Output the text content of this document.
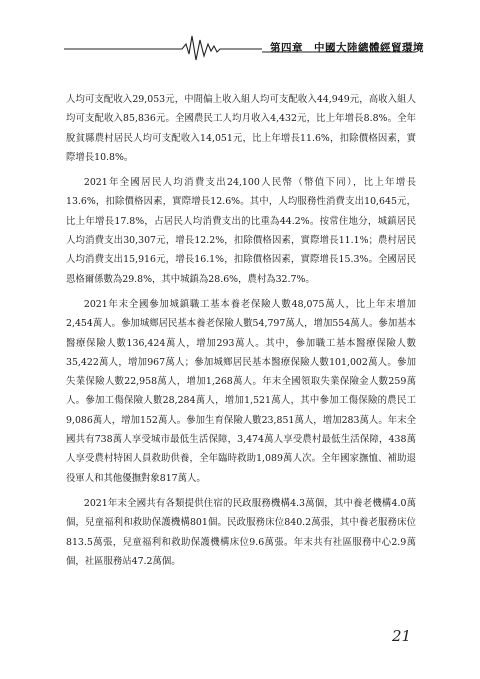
第四章　中國大陸總體經貿環境

人均可支配收入29,053元，中間偏上收入組人均可支配收入44,949元，高收入組人均可支配收入85,836元。全國農民工人均月收入4,432元，比上年增長8.8%。全年脫貧縣農村居民人均可支配收入14,051元，比上年增長11.6%，扣除價格因素，實際增長10.8%。

2021年全國居民人均消費支出24,100人民幣（幣值下同），比上年增長13.6%，扣除價格因素，實際增長12.6%。其中，人均服務性消費支出10,645元，比上年增長17.8%，占居民人均消費支出的比重為44.2%。按常住地分，城鎮居民人均消費支出30,307元，增長12.2%，扣除價格因素，實際增長11.1%；農村居民人均消費支出15,916元，增長16.1%，扣除價格因素，實際增長15.3%。全國居民恩格爾係數為29.8%，其中城鎮為28.6%，農村為32.7%。

2021年末全國參加城鎮職工基本養老保險人數48,075萬人，比上年末增加2,454萬人。參加城鄉居民基本養老保險人數54,797萬人，增加554萬人。參加基本醫療保險人數136,424萬人，增加293萬人。其中，參加職工基本醫療保險人數35,422萬人，增加967萬人；參加城鄉居民基本醫療保險人數101,002萬人。參加失業保險人數22,958萬人，增加1,268萬人。年末全國領取失業保險金人數259萬人。參加工傷保險人數28,284萬人，增加1,521萬人，其中參加工傷保險的農民工9,086萬人，增加152萬人。參加生育保險人數23,851萬人，增加283萬人。年末全國共有738萬人享受城市最低生活保障，3,474萬人享受農村最低生活保障，438萬人享受農村特困人員救助供養，全年臨時救助1,089萬人次。全年國家撫恤、補助退役軍人和其他優撫對象817萬人。

2021年末全國共有各類提供住宿的民政服務機構4.3萬個，其中養老機構4.0萬個，兒童福利和救助保護機構801個。民政服務床位840.2萬張，其中養老服務床位813.5萬張，兒童福利和救助保護機構床位9.6萬張。年末共有社區服務中心2.9萬個，社區服務站47.2萬個。

21
